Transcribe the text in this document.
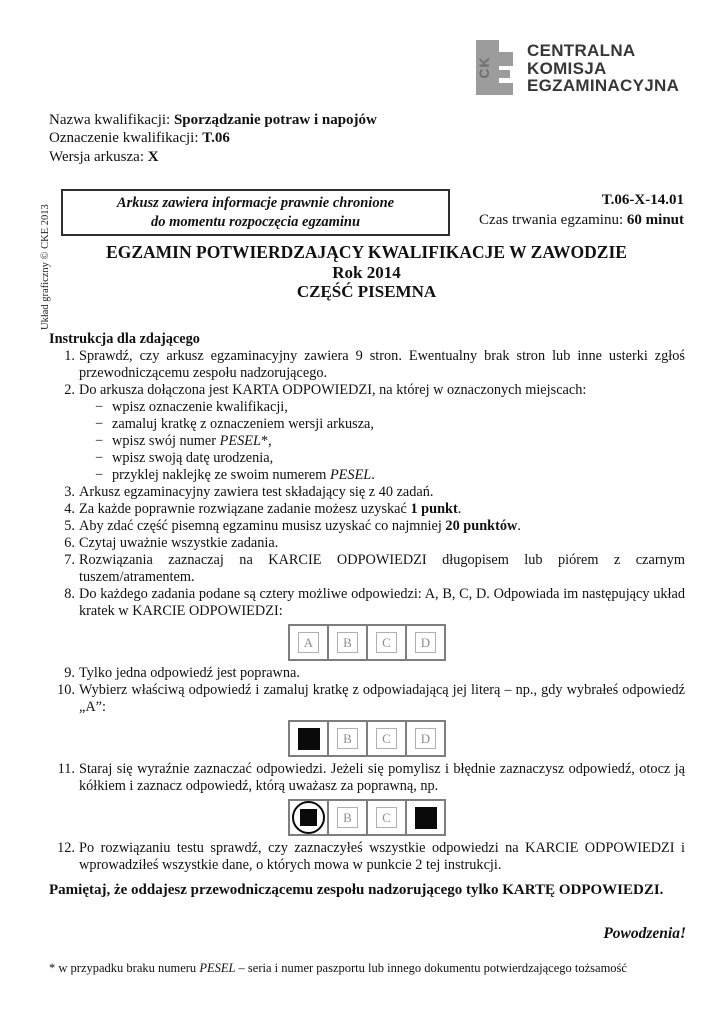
CK
CENTRALNA
KOMISJA
EGZAMINACYJNA
Nazwa kwalifikacji: Sporządzanie potraw i napojów
Oznaczenie kwalifikacji: T.06
Wersja arkusza: X
Układ graficzny © CKE 2013
Arkusz zawiera informacje prawnie chronione
do momentu rozpoczęcia egzaminu
T.06-X-14.01
Czas trwania egzaminu: 60 minut
EGZAMIN POTWIERDZAJĄCY KWALIFIKACJE W ZAWODZIE
Rok 2014
CZĘŚĆ PISEMNA
Instrukcja dla zdającego
1. Sprawdź, czy arkusz egzaminacyjny zawiera 9 stron. Ewentualny brak stron lub inne usterki zgłoś przewodniczącemu zespołu nadzorującego.
2. Do arkusza dołączona jest KARTA ODPOWIEDZI, na której w oznaczonych miejscach:
− wpisz oznaczenie kwalifikacji,
− zamaluj kratkę z oznaczeniem wersji arkusza,
− wpisz swój numer PESEL*,
− wpisz swoją datę urodzenia,
− przyklej naklejkę ze swoim numerem PESEL.
3. Arkusz egzaminacyjny zawiera test składający się z 40 zadań.
4. Za każde poprawnie rozwiązane zadanie możesz uzyskać 1 punkt.
5. Aby zdać część pisemną egzaminu musisz uzyskać co najmniej 20 punktów.
6. Czytaj uważnie wszystkie zadania.
7. Rozwiązania zaznaczaj na KARCIE ODPOWIEDZI długopisem lub piórem z czarnym tuszem/atramentem.
8. Do każdego zadania podane są cztery możliwe odpowiedzi: A, B, C, D. Odpowiada im następujący układ kratek w KARCIE ODPOWIEDZI:
A	B	C	D
9. Tylko jedna odpowiedź jest poprawna.
10. Wybierz właściwą odpowiedź i zamaluj kratkę z odpowiadającą jej literą – np., gdy wybrałeś odpowiedź „A”:
B	C	D
11. Staraj się wyraźnie zaznaczać odpowiedzi. Jeżeli się pomylisz i błędnie zaznaczysz odpowiedź, otocz ją kółkiem i zaznacz odpowiedź, którą uważasz za poprawną, np.
B	C
12. Po rozwiązaniu testu sprawdź, czy zaznaczyłeś wszystkie odpowiedzi na KARCIE ODPOWIEDZI i wprowadziłeś wszystkie dane, o których mowa w punkcie 2 tej instrukcji.
Pamiętaj, że oddajesz przewodniczącemu zespołu nadzorującego tylko KARTĘ ODPOWIEDZI.
Powodzenia!
* w przypadku braku numeru PESEL – seria i numer paszportu lub innego dokumentu potwierdzającego tożsamość
